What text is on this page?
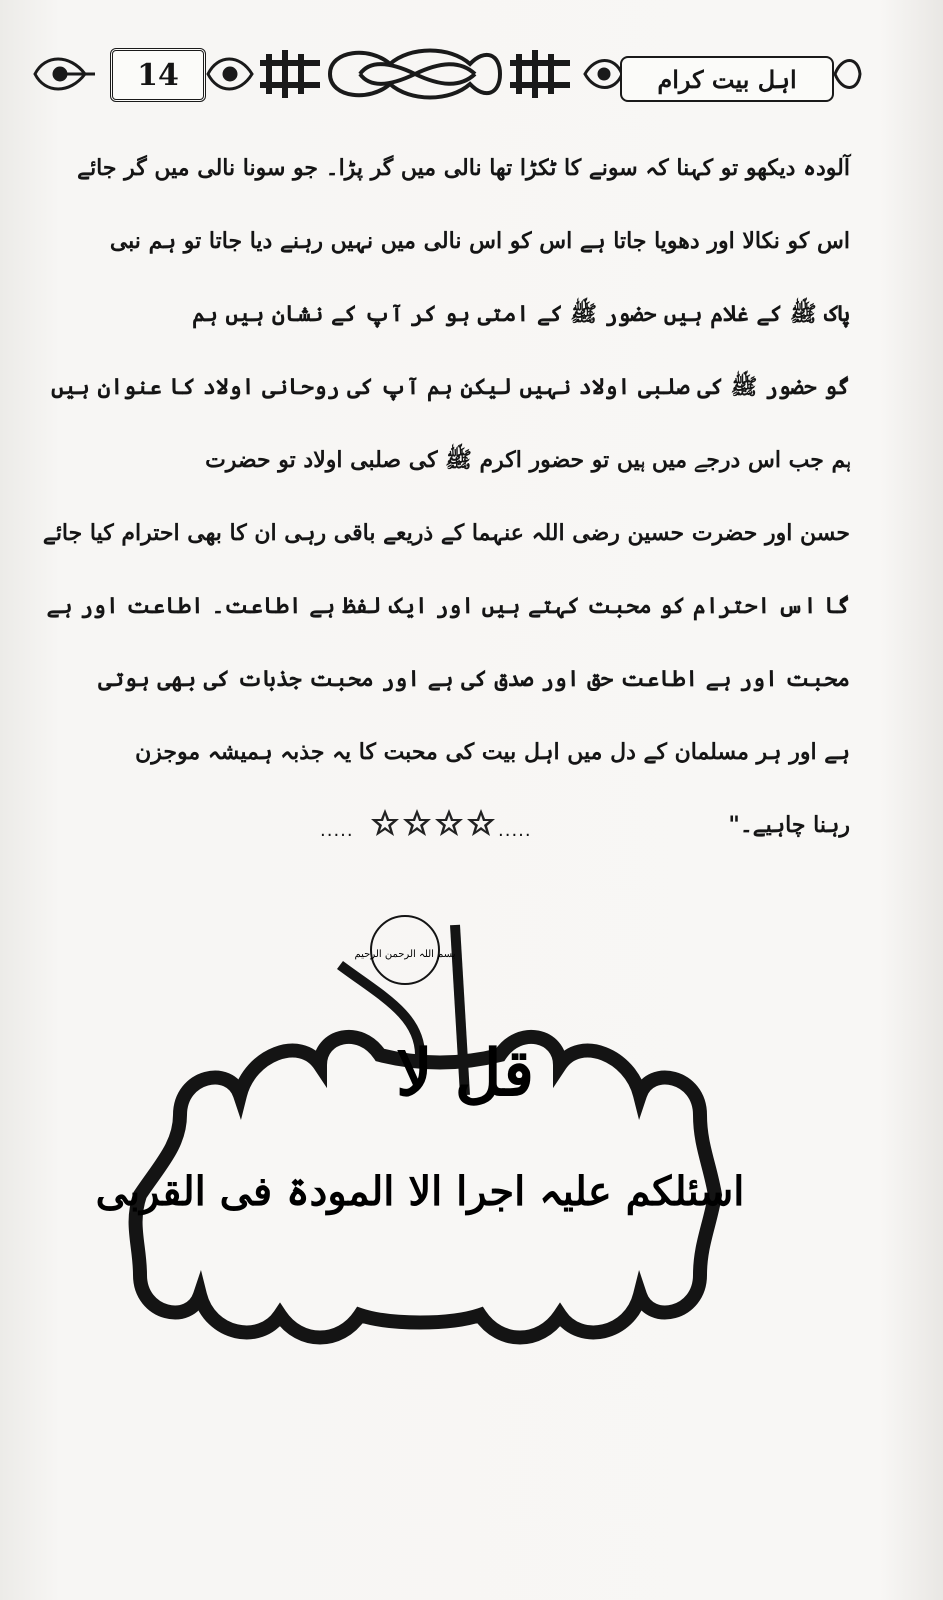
14	اہل بیت کرام
آلودہ دیکھو تو کہنا کہ سونے کا ٹکڑا تھا نالی میں گر پڑا۔ جو سونا نالی میں گر جائے
اس کو نکالا اور دھویا جاتا ہے اس کو اس نالی میں نہیں رہنے دیا جاتا تو ہم نبی
پاک ﷺ کے غلام ہیں حضور ﷺ کے امتی ہو کر آپ کے نشان ہیں ہم
گو حضور ﷺ کی صلبی اولاد نہیں لیکن ہم آپ کی روحانی اولاد کا عنوان ہیں
ہم جب اس درجے میں ہیں تو حضور اکرم ﷺ کی صلبی اولاد تو حضرت
حسن اور حضرت حسین رضی اللہ عنہما کے ذریعے باقی رہی ان کا بھی احترام کیا جائے
گا اس احترام کو محبت کہتے ہیں اور ایک لفظ ہے اطاعت۔ اطاعت اور ہے
محبت اور ہے اطاعت حق اور صدق کی ہے اور محبت جذبات کی بھی ہوتی
ہے اور ہر مسلمان کے دل میں اہل بیت کی محبت کا یہ جذبہ ہمیشہ موجزن
رہنا چاہیے۔"
.....	.....
بسم اللہ الرحمن الرحیم
قل لا
اسئلکم علیہ اجرا الا المودۃ فی القربی
